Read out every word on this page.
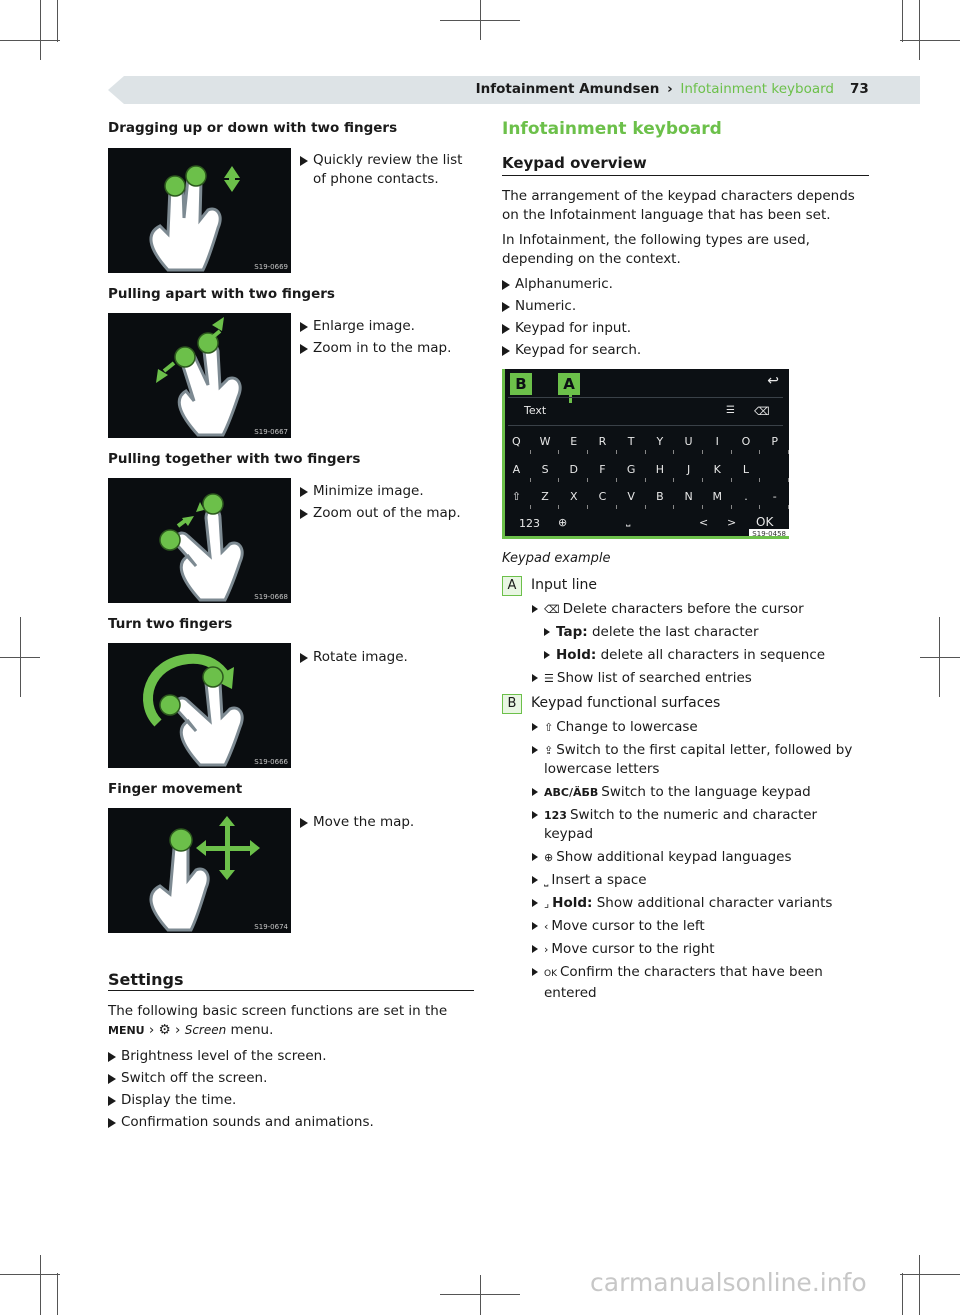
Infotainment Amundsen › Infotainment keyboard 73
Dragging up or down with two fingers
S19-0669
Quickly review the list of phone contacts.
Pulling apart with two fingers
S19-0667
Enlarge image.
Zoom in to the map.
Pulling together with two fingers
S19-0668
Minimize image.
Zoom out of the map.
Turn two fingers
S19-0666
Rotate image.
Finger movement
S19-0674
Move the map.
Settings
The following basic screen functions are set in the
MENU › ⚙ › Screen menu.
Brightness level of the screen.
Switch off the screen.
Display the time.
Confirmation sounds and animations.
Infotainment keyboard
Keypad overview
The arrangement of the keypad characters depends on the Infotainment language that has been set.
In Infotainment, the following types are used, depending on the context.
Alphanumeric.
Numeric.
Keypad for input.
Keypad for search.
B	A	↩
Text	☰ ⌫
Q	W	E	R	T	Y	U	I	O	P
A	S	D	F	G	H	J	K	L
⇧	Z	X	C	V	B	N	M	.	-
123 ⊕	⎵	< > OK
S19-0458
Keypad example
A	Input line
⌫ Delete characters before the cursor
Tap: delete the last character
Hold: delete all characters in sequence
☰ Show list of searched entries
B	Keypad functional surfaces
⇧ Change to lowercase
⇪ Switch to the first capital letter, followed by lowercase letters
ABC/ÄБВ Switch to the language keypad
123 Switch to the numeric and character keypad
⊕ Show additional keypad languages
⎵ Insert a space
⌟ Hold: Show additional character variants
‹ Move cursor to the left
› Move cursor to the right
OK Confirm the characters that have been entered
carmanualsonline.info
